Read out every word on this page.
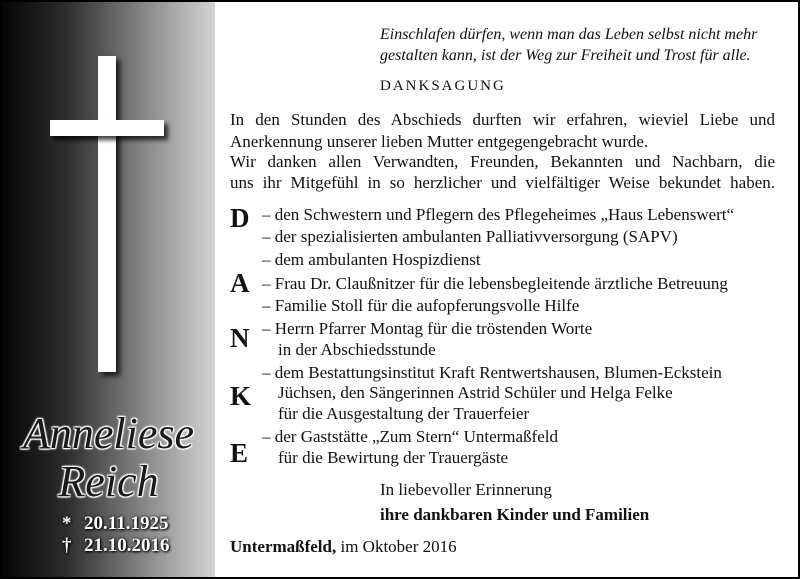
Anneliese
Reich
* 20.11.1925
† 21.10.2016
Einschlafen dürfen, wenn man das Leben selbst nicht mehr
gestalten kann, ist der Weg zur Freiheit und Trost für alle.
DANKSAGUNG
In den Stunden des Abschieds durften wir erfahren, wieviel Liebe und
Anerkennung unserer lieben Mutter entgegengebracht wurde.
Wir danken allen Verwandten, Freunden, Bekannten und Nachbarn, die
uns ihr Mitgefühl in so herzlicher und vielfältiger Weise bekundet haben.
D
A
N
K
E
– den Schwestern und Pflegern des Pflegeheimes „Haus Lebenswert“
– der spezialisierten ambulanten Palliativversorgung (SAPV)
– dem ambulanten Hospizdienst
– Frau Dr. Claußnitzer für die lebensbegleitende ärztliche Betreuung
– Familie Stoll für die aufopferungsvolle Hilfe
– Herrn Pfarrer Montag für die tröstenden Worte
in der Abschiedsstunde
– dem Bestattungsinstitut Kraft Rentwertshausen, Blumen-Eckstein
Jüchsen, den Sängerinnen Astrid Schüler und Helga Felke
für die Ausgestaltung der Trauerfeier
– der Gaststätte „Zum Stern“ Untermaßfeld
für die Bewirtung der Trauergäste
In liebevoller Erinnerung
ihre dankbaren Kinder und Familien
Untermaßfeld, im Oktober 2016
